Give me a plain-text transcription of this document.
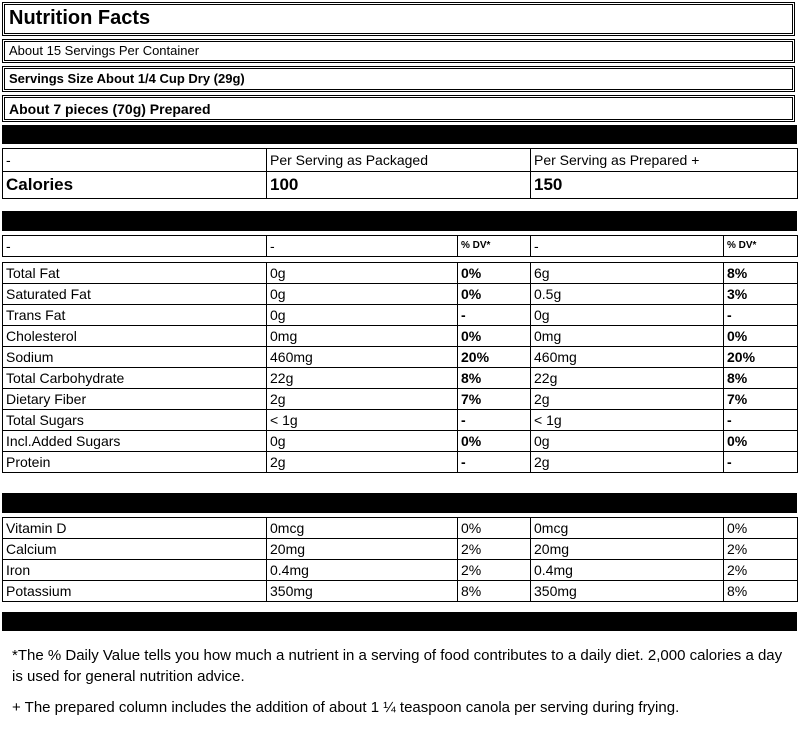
Nutrition Facts
About 15 Servings Per Container
Servings Size About 1/4 Cup Dry (29g)
About 7 pieces (70g) Prepared
-	Per Serving as Packaged	Per Serving as Prepared +
Calories	100	150
-	-	% DV*	-	% DV*

Total Fat	0g	0%	6g	8%
Saturated Fat	0g	0%	0.5g	3%
Trans Fat	0g	-	0g	-
Cholesterol	0mg	0%	0mg	0%
Sodium	460mg	20%	460mg	20%
Total Carbohydrate	22g	8%	22g	8%
Dietary Fiber	2g	7%	2g	7%
Total Sugars	< 1g	-	< 1g	-
Incl.Added Sugars	0g	0%	0g	0%
Protein	2g	-	2g	-
Vitamin D	0mcg	0%	0mcg	0%
Calcium	20mg	2%	20mg	2%
Iron	0.4mg	2%	0.4mg	2%
Potassium	350mg	8%	350mg	8%
*The % Daily Value tells you how much a nutrient in a serving of food contributes to a daily diet. 2,000 calories a day is used for general nutrition advice.
+ The prepared column includes the addition of about 1 ¼ teaspoon canola per serving during frying.
